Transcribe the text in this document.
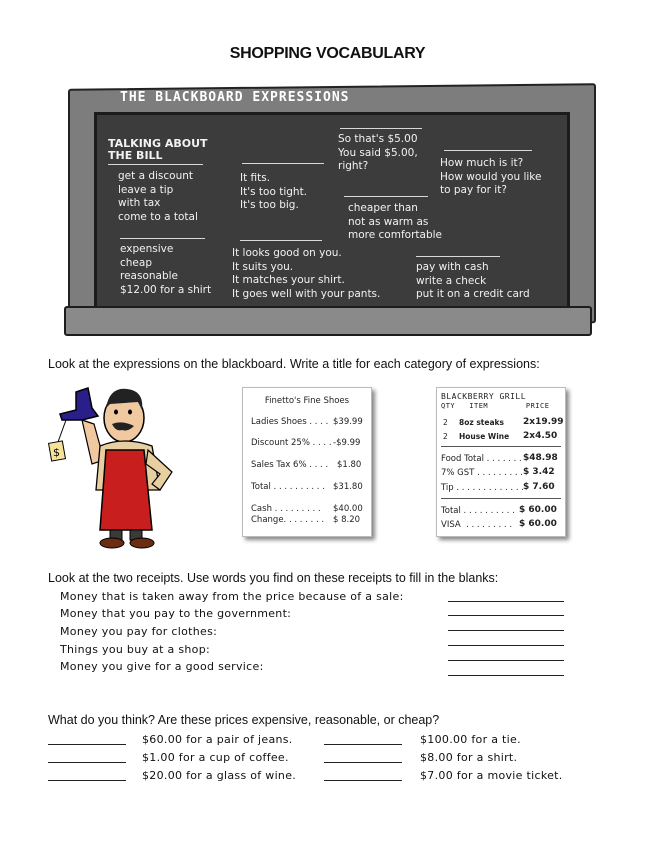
SHOPPING VOCABULARY
THE BLACKBOARD EXPRESSIONS
TALKING ABOUT
THE BILL
get a discount
leave a tip
with tax
come to a total
expensive
cheap
reasonable
$12.00 for a shirt
It fits.
It's too tight.
It's too big.
It looks good on you.
It suits you.
It matches your shirt.
It goes well with your pants.
So that's $5.00
You said $5.00,
right?
cheaper than
not as warm as
more comfortable
How much is it?
How would you like
to pay for it?
pay with cash
write a check
put it on a credit card
Look at the expressions on the blackboard. Write a title for each category of expressions:
$
Finetto's Fine Shoes
Ladies Shoes . . . . $39.99
Discount 25% . . . . -$9.99
Sales Tax 6% . . . . $1.80
Total . . . . . . . . . . $31.80
Cash . . . . . . . . . $40.00
Change. . . . . . . . $ 8.20
BLACKBERRY GRILL
QTY   ITEM        PRICE
2 8oz steaks 2x19.99
2 House Wine 2x4.50
Food Total . . . . . . . $48.98
7% GST . . . . . . . . . $ 3.42
Tip . . . . . . . . . . . . . $ 7.60
Total . . . . . . . . . . $ 60.00
VISA  . . . . . . . . . $ 60.00
Look at the two receipts. Use words you find on these receipts to fill in the blanks:
Money that is taken away from the price because of a sale:
Money that you pay to the government:
Money you pay for clothes:
Things you buy at a shop:
Money you give for a good service:
What do you think? Are these prices expensive, reasonable, or cheap?
$60.00 for a pair of jeans.
$1.00 for a cup of coffee.
$20.00 for a glass of wine.
$100.00 for a tie.
$8.00 for a shirt.
$7.00 for a movie ticket.
